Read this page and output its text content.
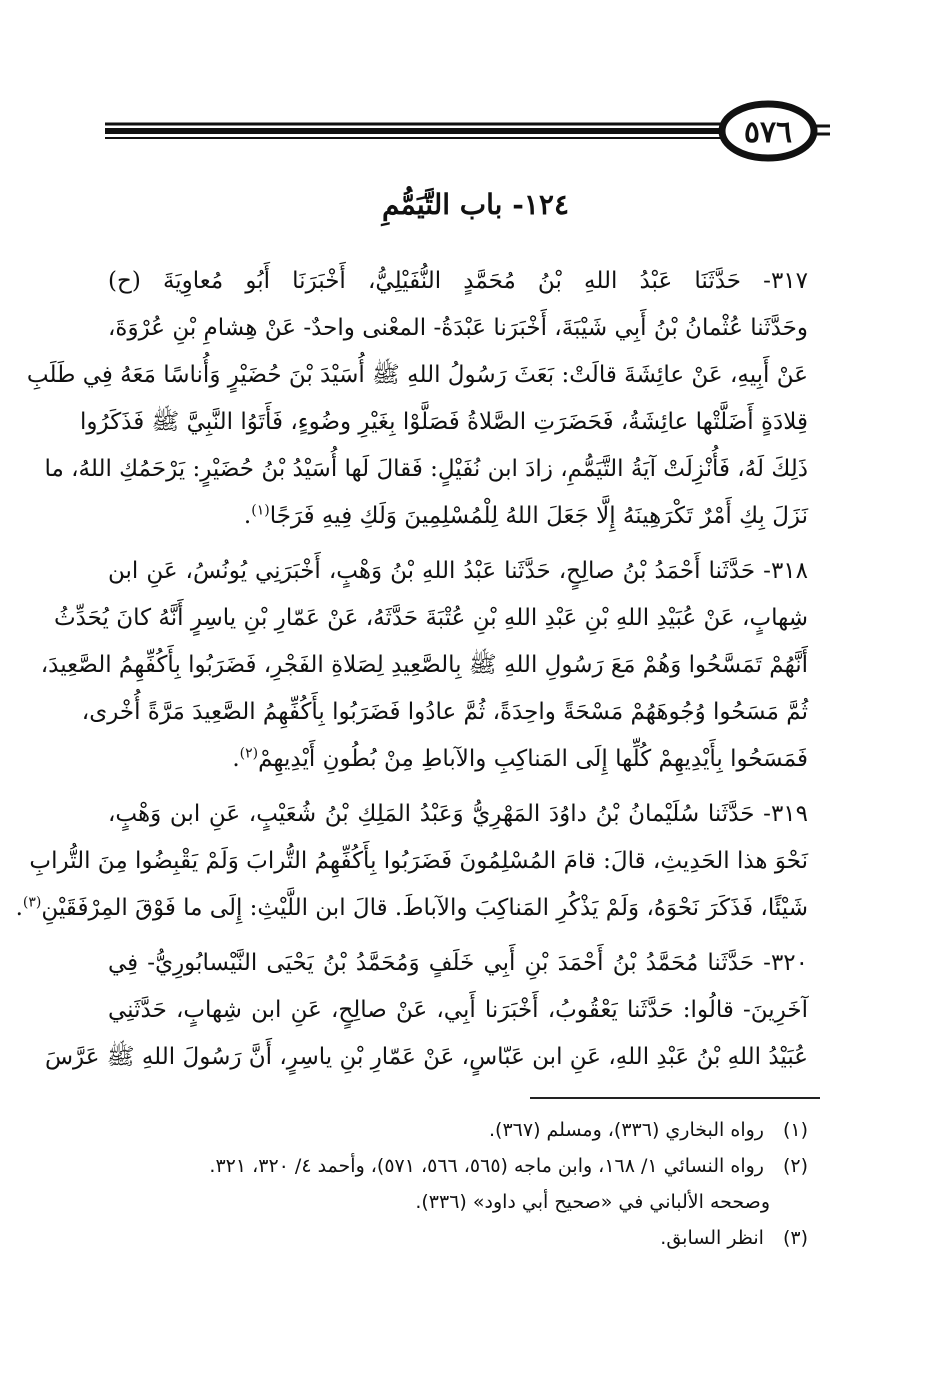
٥٧٦
١٢٤- باب التَّيَمُّمِ
٣١٧- حَدَّثَنَا عَبْدُ اللهِ بْنُ مُحَمَّدٍ النُّفَيْلِيُّ، أَخْبَرَنَا أَبُو مُعاوِيَةَ (ح)
وحَدَّثَنا عُثْمانُ بْنُ أَبِي شَيْبَةَ، أَخْبَرَنا عَبْدَةُ- المعْنى واحدٌ- عَنْ هِشامِ بْنِ عُرْوَةَ،
عَنْ أَبِيهِ، عَنْ عائِشَةَ قالَتْ: بَعَثَ رَسُولُ اللهِ ﷺ أُسَيْدَ بْنَ حُضَيْرٍ وَأُناسًا مَعَهُ فِي طَلَبِ
قِلادَةٍ أَضَلَّتْها عائِشَةُ، فَحَضَرَتِ الصَّلاةُ فَصَلَّوْا بِغَيْرِ وضُوءٍ، فَأَتَوُا النَّبِيَّ ﷺ فَذَكَرُوا
ذَلِكَ لَهُ، فَأُنْزِلَتْ آيَةُ التَّيَمُّمِ، زادَ ابن نُفَيْلٍ: فَقالَ لَها أُسَيْدُ بْنُ حُضَيْرٍ: يَرْحَمُكِ اللهُ، ما
نَزَلَ بِكِ أَمْرٌ تَكْرَهِينَهُ إِلَّا جَعَلَ اللهُ لِلْمُسْلِمِينَ وَلَكِ فِيهِ فَرَجًا$^{(١)}$.
٣١٨- حَدَّثَنا أَحْمَدُ بْنُ صالِحٍ، حَدَّثَنا عَبْدُ اللهِ بْنُ وَهْبٍ، أَخْبَرَنِي يُونُسُ، عَنِ ابن
شِهابٍ، عَنْ عُبَيْدِ اللهِ بْنِ عَبْدِ اللهِ بْنِ عُتْبَةَ حَدَّثَهُ، عَنْ عَمّارِ بْنِ ياسِرٍ أَنَّهُ كانَ يُحَدِّثُ
أَنَّهُمْ تَمَسَّحُوا وَهُمْ مَعَ رَسُولِ اللهِ ﷺ بِالصَّعِيدِ لِصَلاةِ الفَجْرِ، فَضَرَبُوا بِأَكُفِّهِمُ الصَّعِيدَ،
ثُمَّ مَسَحُوا وُجُوهَهُمْ مَسْحَةً واحِدَةً، ثُمَّ عادُوا فَضَرَبُوا بِأَكُفِّهِمُ الصَّعِيدَ مَرَّةً أُخْرى،
فَمَسَحُوا بِأَيْدِيهِمْ كُلِّها إِلَى المَناكِبِ والآباطِ مِنْ بُطُونِ أَيْدِيهِمْ$^{(٢)}$.
٣١٩- حَدَّثَنا سُلَيْمانُ بْنُ داوُدَ المَهْرِيُّ وَعَبْدُ المَلِكِ بْنُ شُعَيْبٍ، عَنِ ابن وَهْبٍ،
نَحْوَ هذا الحَدِيثِ، قالَ: قامَ المُسْلِمُونَ فَضَرَبُوا بِأَكُفِّهِمُ التُّرابَ وَلَمْ يَقْبِضُوا مِنَ التُّرابِ
شَيْئًا، فَذَكَرَ نَحْوَهُ، وَلَمْ يَذْكُرِ المَناكِبَ والآباطَ. قالَ ابن اللَّيْثِ: إِلَى ما فَوْقَ المِرْفَقَيْنِ$^{(٣)}$.
٣٢٠- حَدَّثَنا مُحَمَّدُ بْنُ أَحْمَدَ بْنِ أَبِي خَلَفٍ وَمُحَمَّدُ بْنُ يَحْيَى النَّيْسابُورِيُّ- فِي
آخَرِينَ- قالُوا: حَدَّثَنا يَعْقُوبُ، أَخْبَرَنا أَبِي، عَنْ صالِحٍ، عَنِ ابن شِهابٍ، حَدَّثَنِي
عُبَيْدُ اللهِ بْنُ عَبْدِ اللهِ، عَنِ ابن عَبّاسٍ، عَنْ عَمّارِ بْنِ ياسِرٍ، أَنَّ رَسُولَ اللهِ ﷺ عَرَّسَ
(١) رواه البخاري (٣٣٦)، ومسلم (٣٦٧).
(٢) رواه النسائي ١/ ١٦٨، وابن ماجه (٥٦٥، ٥٦٦، ٥٧١)، وأحمد ٤/ ٣٢٠، ٣٢١.
وصححه الألباني في «صحيح أبي داود» (٣٣٦).
(٣) انظر السابق.
